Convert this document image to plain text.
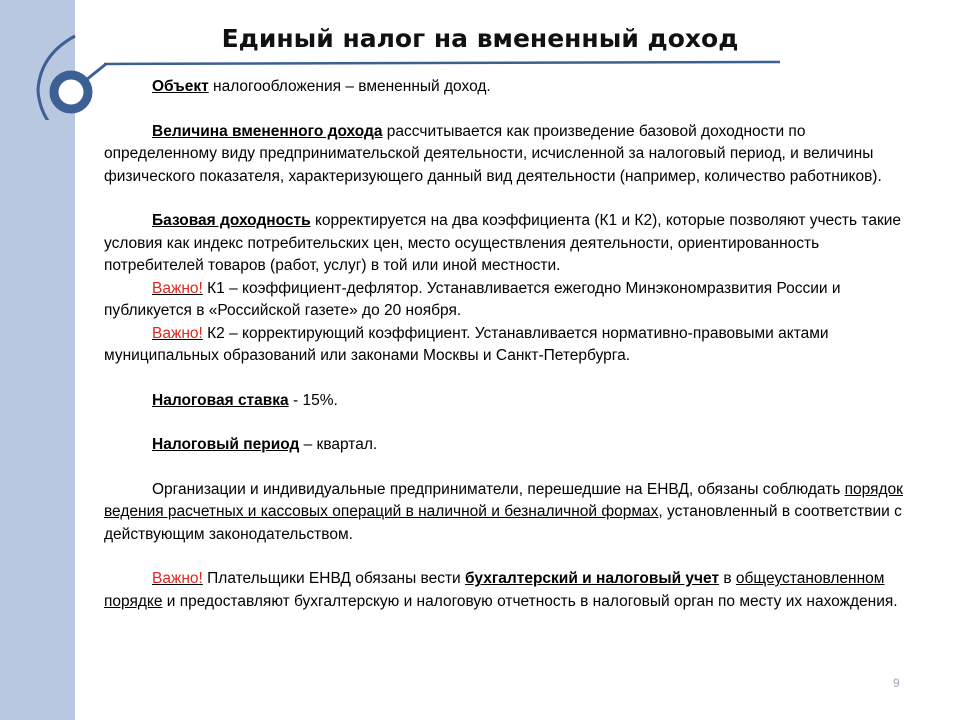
Единый налог на вмененный доход

Объект налогообложения – вмененный доход.

Величина вмененного дохода рассчитывается как произведение базовой доходности по определенному виду предпринимательской деятельности, исчисленной за налоговый период, и величины физического показателя, характеризующего данный вид деятельности (например, количество работников).

Базовая доходность корректируется на два коэффициента (К1 и К2), которые позволяют учесть такие условия как индекс потребительских цен, место осуществления деятельности, ориентированность потребителей товаров (работ, услуг) в той или иной местности.

Важно! К1 – коэффициент-дефлятор. Устанавливается ежегодно Минэкономразвития России и публикуется в «Российской газете» до 20 ноября.

Важно! К2 – корректирующий коэффициент. Устанавливается нормативно-правовыми актами муниципальных образований или законами Москвы и Санкт-Петербурга.

Налоговая ставка - 15%.

Налоговый период – квартал.

Организации и индивидуальные предприниматели, перешедшие на ЕНВД, обязаны соблюдать порядок ведения расчетных и кассовых операций в наличной и безналичной формах, установленный в соответствии с действующим законодательством.

Важно! Плательщики ЕНВД обязаны вести бухгалтерский и налоговый учет в общеустановленном порядке и предоставляют бухгалтерскую и налоговую отчетность в налоговый орган по месту их нахождения.

9
